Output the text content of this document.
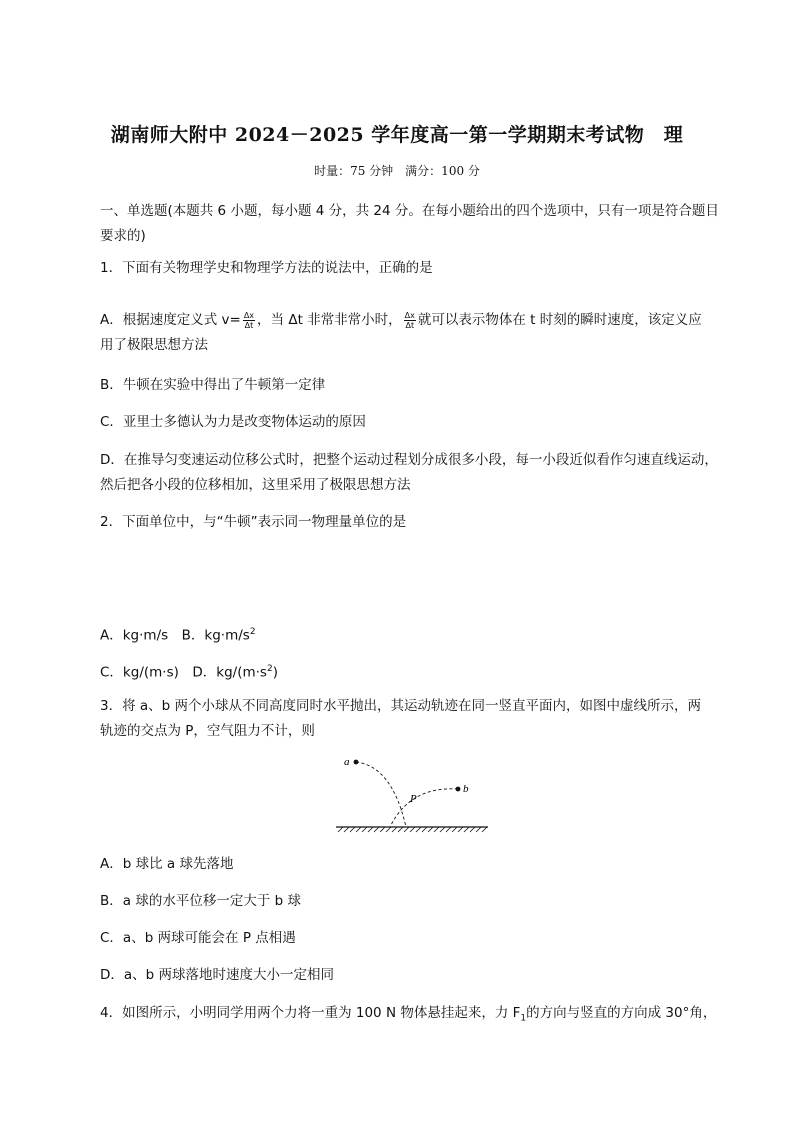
湖南师大附中 2024－2025 学年度高一第一学期期末考试物　理
时量：75 分钟　满分：100 分
一、单选题(本题共 6 小题，每小题 4 分，共 24 分。在每小题给出的四个选项中，只有一项是符合题目
要求的)
1．下面有关物理学史和物理学方法的说法中，正确的是
A．根据速度定义式 $v= \frac{\Delta x}{\Delta t}$ ，当 Δt 非常非常小时， $\frac{\Delta x}{\Delta t}$ 就可以表示物体在 t 时刻的瞬时速度，该定义应
用了极限思想方法
B．牛顿在实验中得出了牛顿第一定律
C．亚里士多德认为力是改变物体运动的原因
D．在推导匀变速运动位移公式时，把整个运动过程划分成很多小段，每一小段近似看作匀速直线运动，
然后把各小段的位移相加，这里采用了极限思想方法
2．下面单位中，与“牛顿”表示同一物理量单位的是
A．kg·m/s　B．$kg\cdot m/s^2$
C．kg/(m·s)　D．$kg/(m\cdot s^2)$
3．将 a、b 两个小球从不同高度同时水平抛出，其运动轨迹在同一竖直平面内，如图中虚线所示，两
轨迹的交点为 P，空气阻力不计，则
a
b
P
A．b 球比 a 球先落地
B．a 球的水平位移一定大于 b 球
C．a、b 两球可能会在 P 点相遇
D．a、b 两球落地时速度大小一定相同
4．如图所示，小明同学用两个力将一重为 100 N 物体悬挂起来，力 $F_1$的方向与竖直的方向成 30°角，
